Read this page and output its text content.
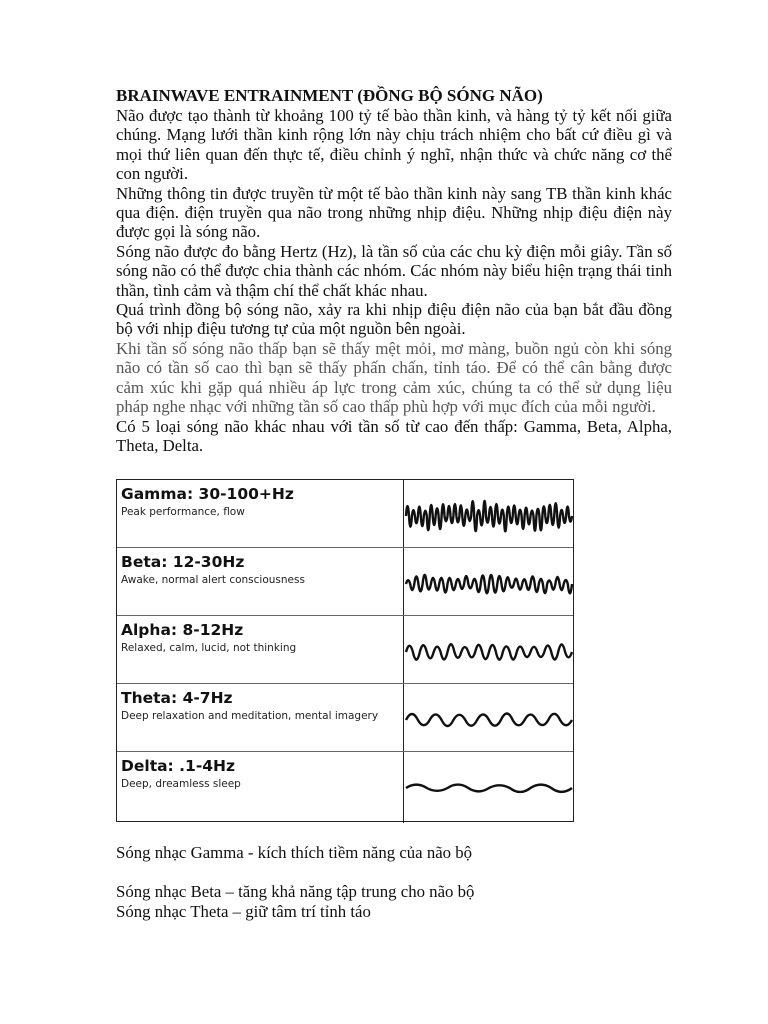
BRAINWAVE ENTRAINMENT (ĐỒNG BỘ SÓNG NÃO)

Não được tạo thành từ khoảng 100 tỷ tế bào thần kinh, và hàng tỷ tỷ kết nối giữa chúng. Mạng lưới thần kinh rộng lớn này chịu trách nhiệm cho bất cứ điều gì và mọi thứ liên quan đến thực tế, điều chỉnh ý nghĩ, nhận thức và chức năng cơ thể con người.

Những thông tin được truyền từ một tế bào thần kinh này sang TB thần kinh khác qua điện. điện truyền qua não trong những nhịp điệu. Những nhịp điệu điện này được gọi là sóng não.

Sóng não được đo bằng Hertz (Hz), là tần số của các chu kỳ điện mỗi giây. Tần số sóng não có thể được chia thành các nhóm. Các nhóm này biểu hiện trạng thái tinh thần, tình cảm và thậm chí thể chất khác nhau.

Quá trình đồng bộ sóng não, xảy ra khi nhịp điệu điện não của bạn bắt đầu đồng bộ với nhịp điệu tương tự của một nguồn bên ngoài.

Khi tần số sóng não thấp bạn sẽ thấy mệt mỏi, mơ màng, buồn ngủ còn khi sóng não có tần số cao thì bạn sẽ thấy phấn chấn, tỉnh táo. Để có thể cân bằng được cảm xúc khi gặp quá nhiều áp lực trong cảm xúc, chúng ta có thể sử dụng liệu pháp nghe nhạc với những tần số cao thấp phù hợp với mục đích của mỗi người.

Có 5 loại sóng não khác nhau với tần số từ cao đến thấp: Gamma, Beta, Alpha, Theta, Delta.

Gamma: 30-100+Hz
Peak performance, flow
Beta: 12-30Hz
Awake, normal alert consciousness
Alpha: 8-12Hz
Relaxed, calm, lucid, not thinking
Theta: 4-7Hz
Deep relaxation and meditation, mental imagery
Delta: .1-4Hz
Deep, dreamless sleep

Sóng nhạc Gamma - kích thích tiềm năng của não bộ

Sóng nhạc Beta – tăng khả năng tập trung cho não bộ

Sóng nhạc Theta – giữ tâm trí tỉnh táo
